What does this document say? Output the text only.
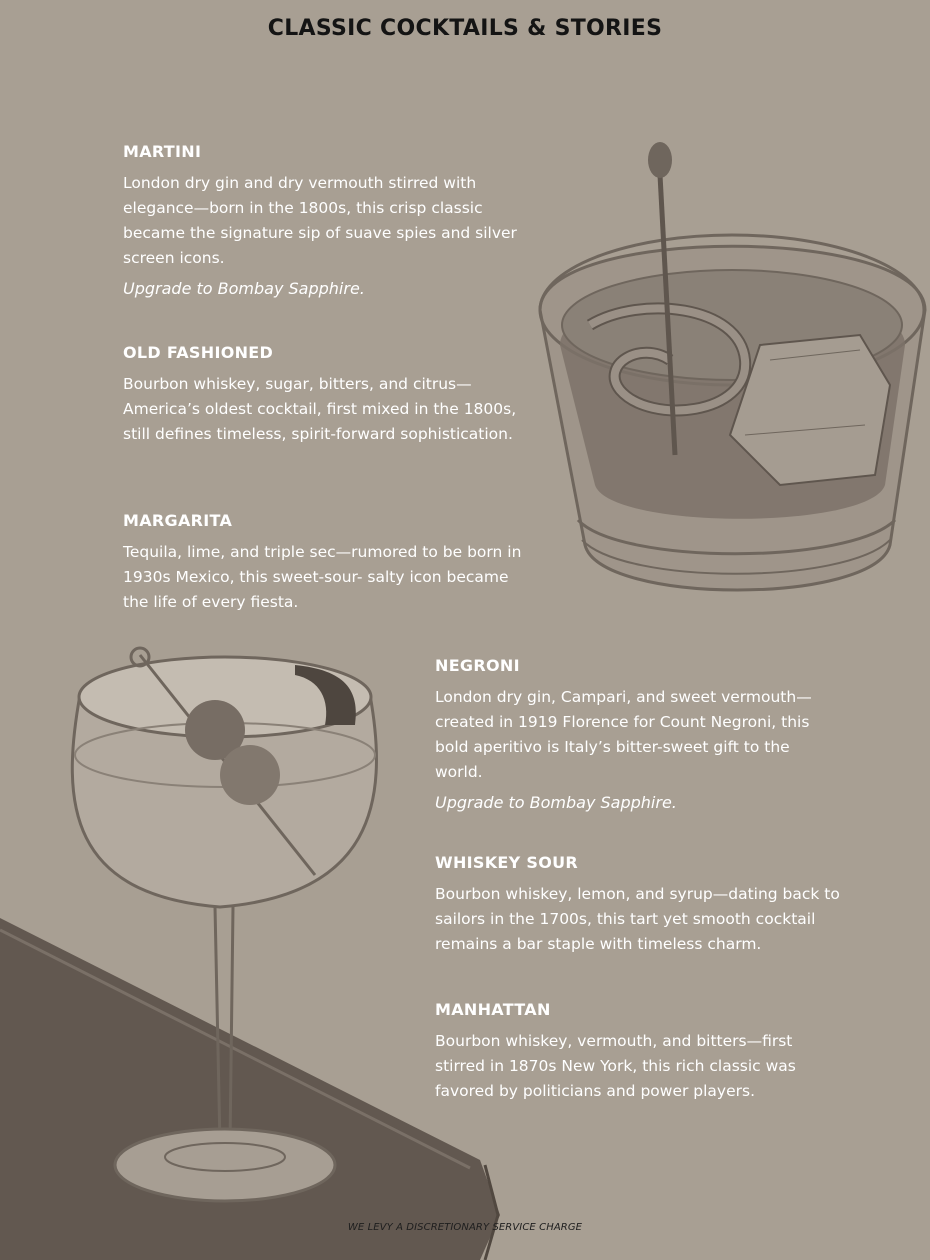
CLASSIC COCKTAILS & STORIES
MARTINI

London dry gin and dry vermouth stirred with elegance—born in the 1800s, this crisp classic became the signature sip of suave spies and silver screen icons.

Upgrade to Bombay Sapphire.

OLD FASHIONED

Bourbon whiskey, sugar, bitters, and citrus—America’s oldest cocktail, first mixed in the 1800s, still defines timeless, spirit-forward sophistication.

MARGARITA

Tequila, lime, and triple sec—rumored to be born in 1930s Mexico, this sweet-sour- salty icon became the life of every fiesta.

NEGRONI

London dry gin, Campari, and sweet vermouth—created in 1919 Florence for Count Negroni, this bold aperitivo is Italy’s bitter-sweet gift to the world.

Upgrade to Bombay Sapphire.

WHISKEY SOUR

Bourbon whiskey, lemon, and syrup—dating back to sailors in the 1700s, this tart yet smooth cocktail remains a bar staple with timeless charm.

MANHATTAN

Bourbon whiskey, vermouth, and bitters—first stirred in 1870s New York, this rich classic was favored by politicians and power players.

WE LEVY A DISCRETIONARY SERVICE CHARGE
